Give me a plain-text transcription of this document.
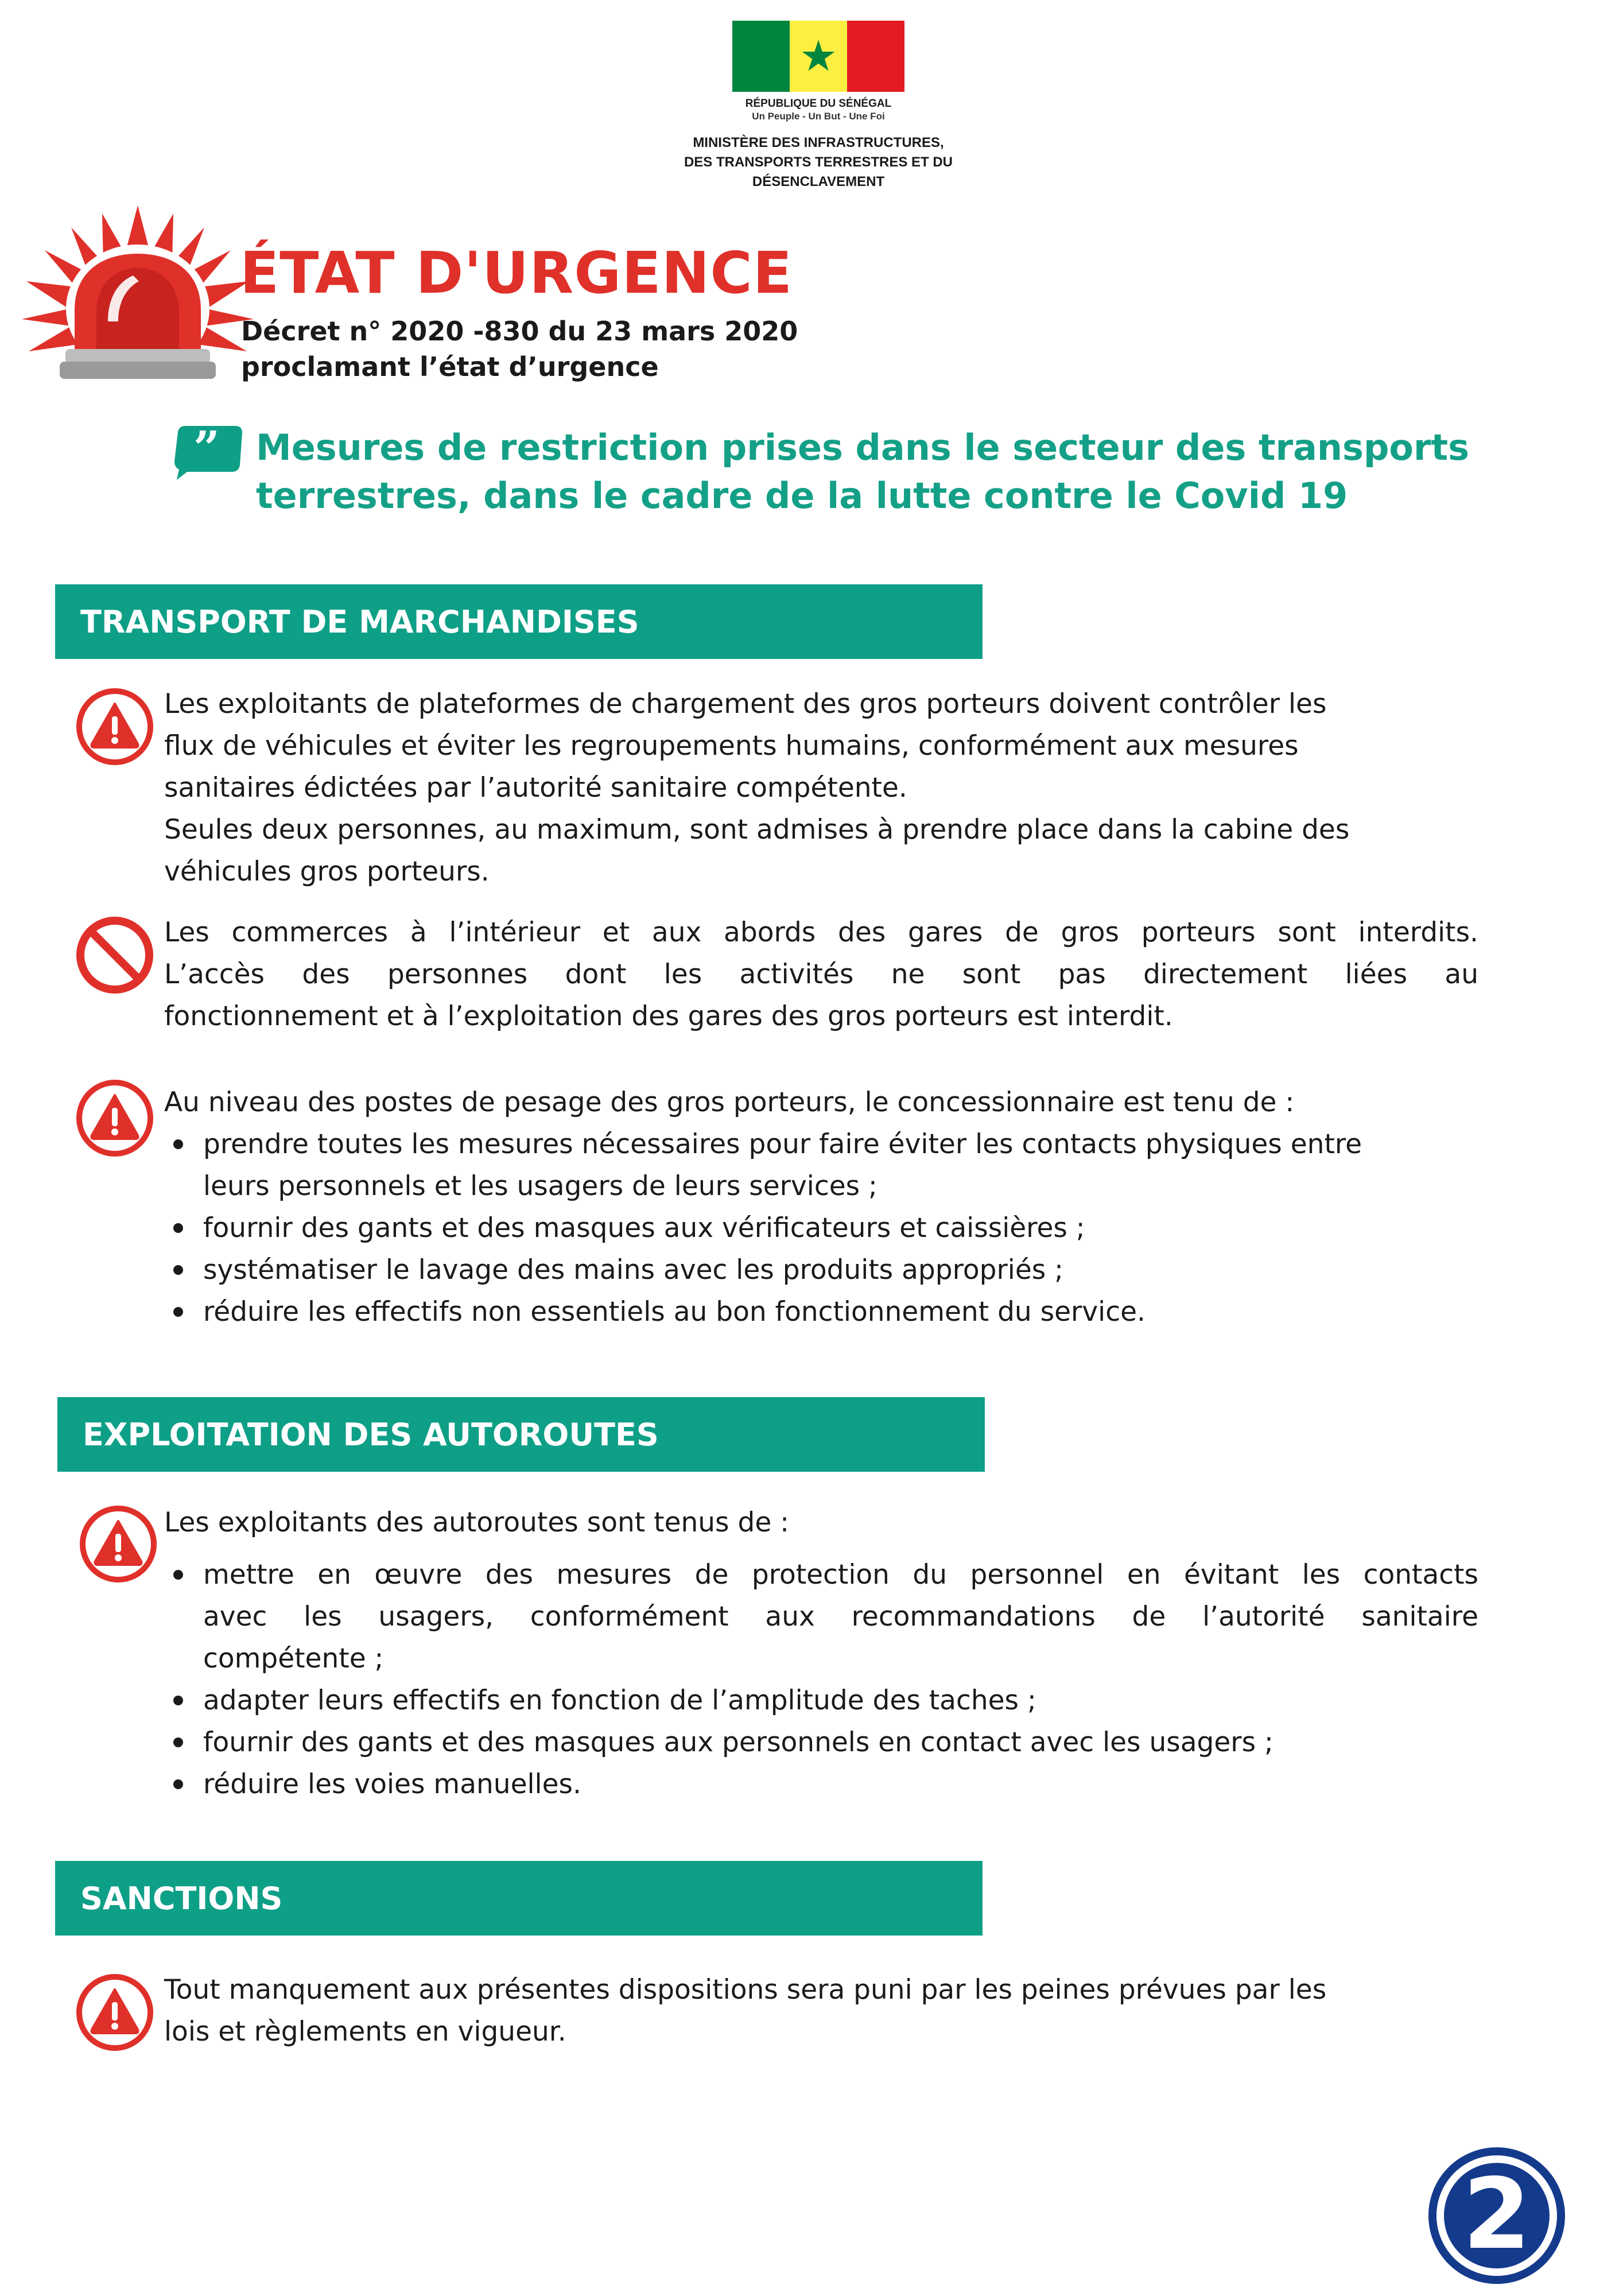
★
RÉPUBLIQUE DU SÉNÉGAL
Un Peuple - Un But - Une Foi
MINISTÈRE DES INFRASTRUCTURES,
DES TRANSPORTS TERRESTRES ET DU
DÉSENCLAVEMENT
ÉTAT D'URGENCE
Décret n° 2020 -830 du 23 mars 2020
proclamant l’état d’urgence
” Mesures de restriction prises dans le secteur des transports
terrestres, dans le cadre de la lutte contre le Covid 19
TRANSPORT DE MARCHANDISES
Les exploitants de plateformes de chargement des gros porteurs doivent contrôler les
flux de véhicules et éviter les regroupements humains, conformément aux mesures
sanitaires édictées par l’autorité sanitaire compétente.
Seules deux personnes, au maximum, sont admises à prendre place dans la cabine des
véhicules gros porteurs.
Les commerces à l’intérieur et aux abords des gares de gros porteurs sont interdits.
L’accès des personnes dont les activités ne sont pas directement liées au
fonctionnement et à l’exploitation des gares des gros porteurs est interdit.
Au niveau des postes de pesage des gros porteurs, le concessionnaire est tenu de :
prendre toutes les mesures nécessaires pour faire éviter les contacts physiques entre
leurs personnels et les usagers de leurs services ;
fournir des gants et des masques aux vérificateurs et caissières ;
systématiser le lavage des mains avec les produits appropriés ;
réduire les effectifs non essentiels au bon fonctionnement du service.
EXPLOITATION DES AUTOROUTES
Les exploitants des autoroutes sont tenus de :
mettre en œuvre des mesures de protection du personnel en évitant les contacts
avec les usagers, conformément aux recommandations de l’autorité sanitaire
compétente ;
adapter leurs effectifs en fonction de l’amplitude des taches ;
fournir des gants et des masques aux personnels en contact avec les usagers ;
réduire les voies manuelles.
SANCTIONS
Tout manquement aux présentes dispositions sera puni par les peines prévues par les
lois et règlements en vigueur.
2
